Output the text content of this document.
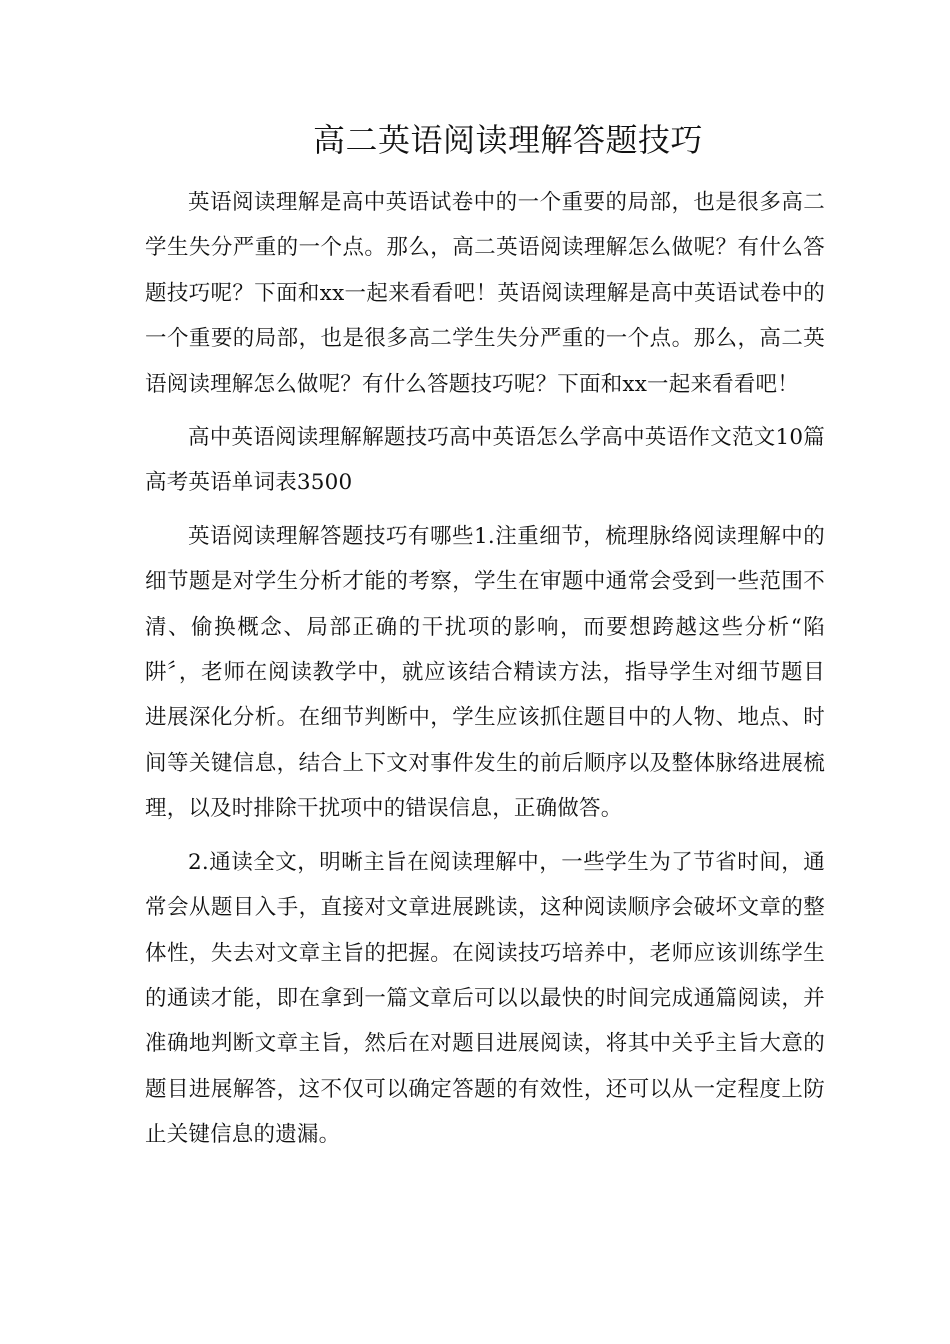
高二英语阅读理解答题技巧

英语阅读理解是高中英语试卷中的一个重要的局部，也是很多高二学生失分严重的一个点。那么，高二英语阅读理解怎么做呢？有什么答题技巧呢？下面和xx一起来看看吧！英语阅读理解是高中英语试卷中的一个重要的局部，也是很多高二学生失分严重的一个点。那么，高二英语阅读理解怎么做呢？有什么答题技巧呢？下面和xx一起来看看吧！

高中英语阅读理解解题技巧高中英语怎么学高中英语作文范文10篇高考英语单词表3500

英语阅读理解答题技巧有哪些1.注重细节，梳理脉络阅读理解中的细节题是对学生分析才能的考察，学生在审题中通常会受到一些范围不清、偷换概念、局部正确的干扰项的影响，而要想跨越这些分析“陷阱〞，老师在阅读教学中，就应该结合精读方法，指导学生对细节题目进展深化分析。在细节判断中，学生应该抓住题目中的人物、地点、时间等关键信息，结合上下文对事件发生的前后顺序以及整体脉络进展梳理，以及时排除干扰项中的错误信息，正确做答。

2.通读全文，明晰主旨在阅读理解中，一些学生为了节省时间，通常会从题目入手，直接对文章进展跳读，这种阅读顺序会破坏文章的整体性，失去对文章主旨的把握。在阅读技巧培养中，老师应该训练学生的通读才能，即在拿到一篇文章后可以以最快的时间完成通篇阅读，并准确地判断文章主旨，然后在对题目进展阅读，将其中关乎主旨大意的题目进展解答，这不仅可以确定答题的有效性，还可以从一定程度上防止关键信息的遗漏。
